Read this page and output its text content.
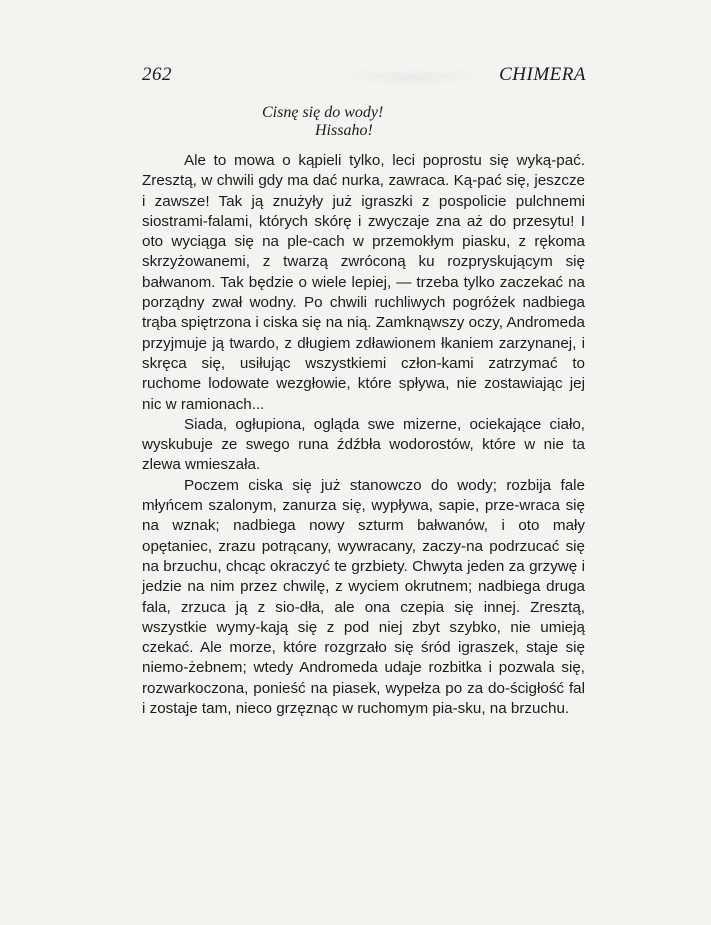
262	CHIMERA
Cisnę się do wody!
Hissaho!

Ale to mowa o kąpieli tylko, leci poprostu się wyką-pać. Zresztą, w chwili gdy ma dać nurka, zawraca. Ką-pać się, jeszcze i zawsze! Tak ją znużyły już igraszki z pospolicie pulchnemi siostrami-falami, których skórę i zwyczaje zna aż do przesytu! I oto wyciąga się na ple-cach w przemokłym piasku, z rękoma skrzyżowanemi, z twarzą zwróconą ku rozpryskującym się bałwanom. Tak będzie o wiele lepiej, — trzeba tylko zaczekać na porządny zwał wodny. Po chwili ruchliwych pogróżek nadbiega trąba spiętrzona i ciska się na nią. Zamknąwszy oczy, Andromeda przyjmuje ją twardo, z długiem zdławionem łkaniem zarzynanej, i skręca się, usiłując wszystkiemi człon-kami zatrzymać to ruchome lodowate wezgłowie, które spływa, nie zostawiając jej nic w ramionach...

Siada, ogłupiona, ogląda swe mizerne, ociekające ciało, wyskubuje ze swego runa źdźbła wodorostów, które w nie ta zlewa wmieszała.

Poczem ciska się już stanowczo do wody; rozbija fale młyńcem szalonym, zanurza się, wypływa, sapie, prze-wraca się na wznak; nadbiega nowy szturm bałwanów, i oto mały opętaniec, zrazu potrącany, wywracany, zaczy-na podrzucać się na brzuchu, chcąc okraczyć te grzbiety. Chwyta jeden za grzywę i jedzie na nim przez chwilę, z wyciem okrutnem; nadbiega druga fala, zrzuca ją z sio-dła, ale ona czepia się innej. Zresztą, wszystkie wymy-kają się z pod niej zbyt szybko, nie umieją czekać. Ale morze, które rozgrzało się śród igraszek, staje się niemo-żebnem; wtedy Andromeda udaje rozbitka i pozwala się, rozwarkoczona, ponieść na piasek, wypełza po za do-ścigłość fal i zostaje tam, nieco grzęznąc w ruchomym pia-sku, na brzuchu.
